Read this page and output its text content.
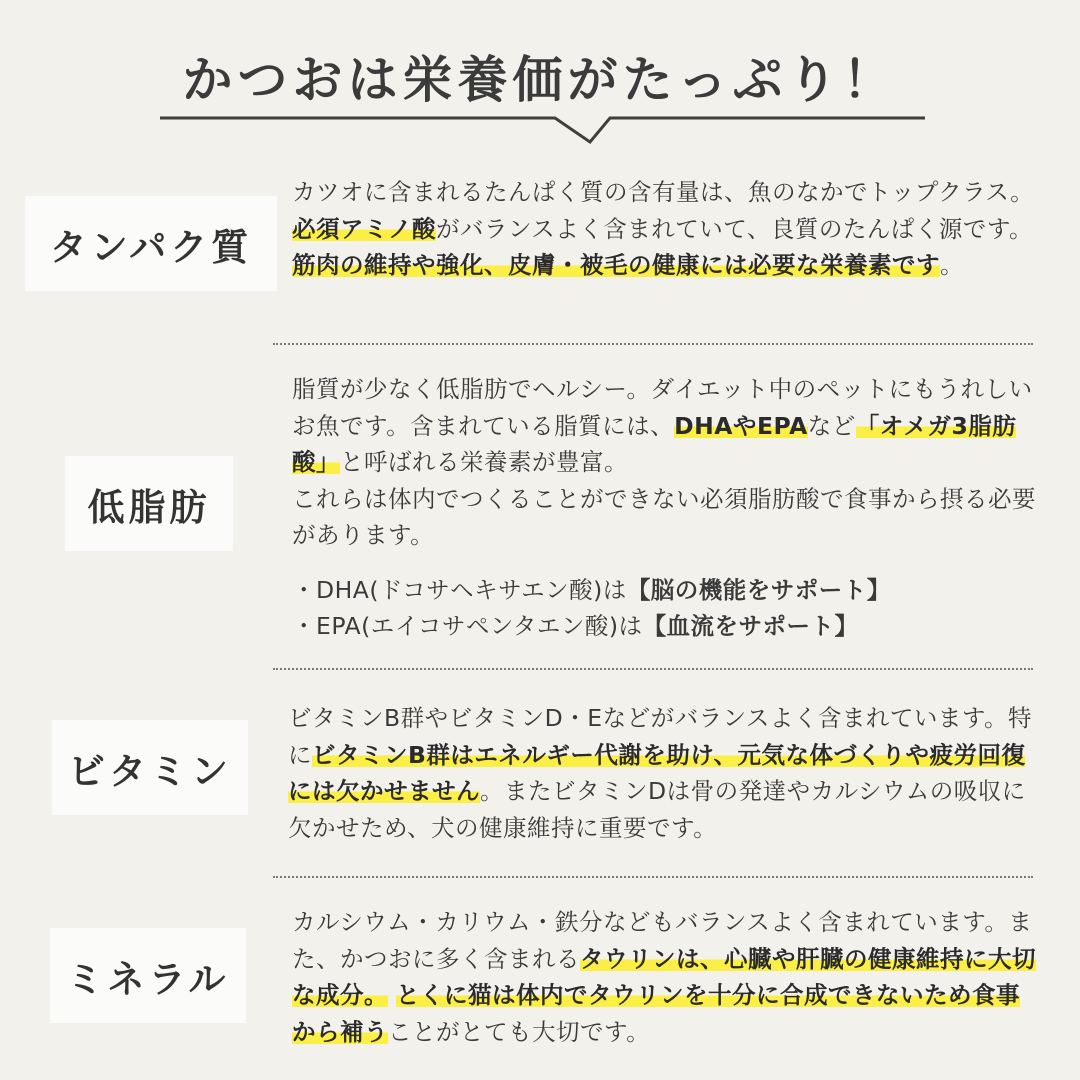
かつおは栄養価がたっぷり！
タンパク質

カツオに含まれるたんぱく質の含有量は、魚のなかでトップクラス。必須アミノ酸がバランスよく含まれていて、良質のたんぱく源です。筋肉の維持や強化、皮膚・被毛の健康には必要な栄養素です。

低脂肪

脂質が少なく低脂肪でヘルシー。ダイエット中のペットにもうれしいお魚です。含まれている脂質には、DHAやEPAなど「オメガ3脂肪酸」と呼ばれる栄養素が豊富。
これらは体内でつくることができない必須脂肪酸で食事から摂る必要があります。

・DHA(ドコサヘキサエン酸)は【脳の機能をサポート】
・EPA(エイコサペンタエン酸)は【血流をサポート】
ビタミン

ビタミンB群やビタミンD・Eなどがバランスよく含まれています。特にビタミンB群はエネルギー代謝を助け、元気な体づくりや疲労回復には欠かせません。またビタミンDは骨の発達やカルシウムの吸収に欠かせため、犬の健康維持に重要です。

ミネラル

カルシウム・カリウム・鉄分などもバランスよく含まれています。また、かつおに多く含まれるタウリンは、心臓や肝臓の健康維持に大切な成分。 とくに猫は体内でタウリンを十分に合成できないため食事から補うことがとても大切です。
